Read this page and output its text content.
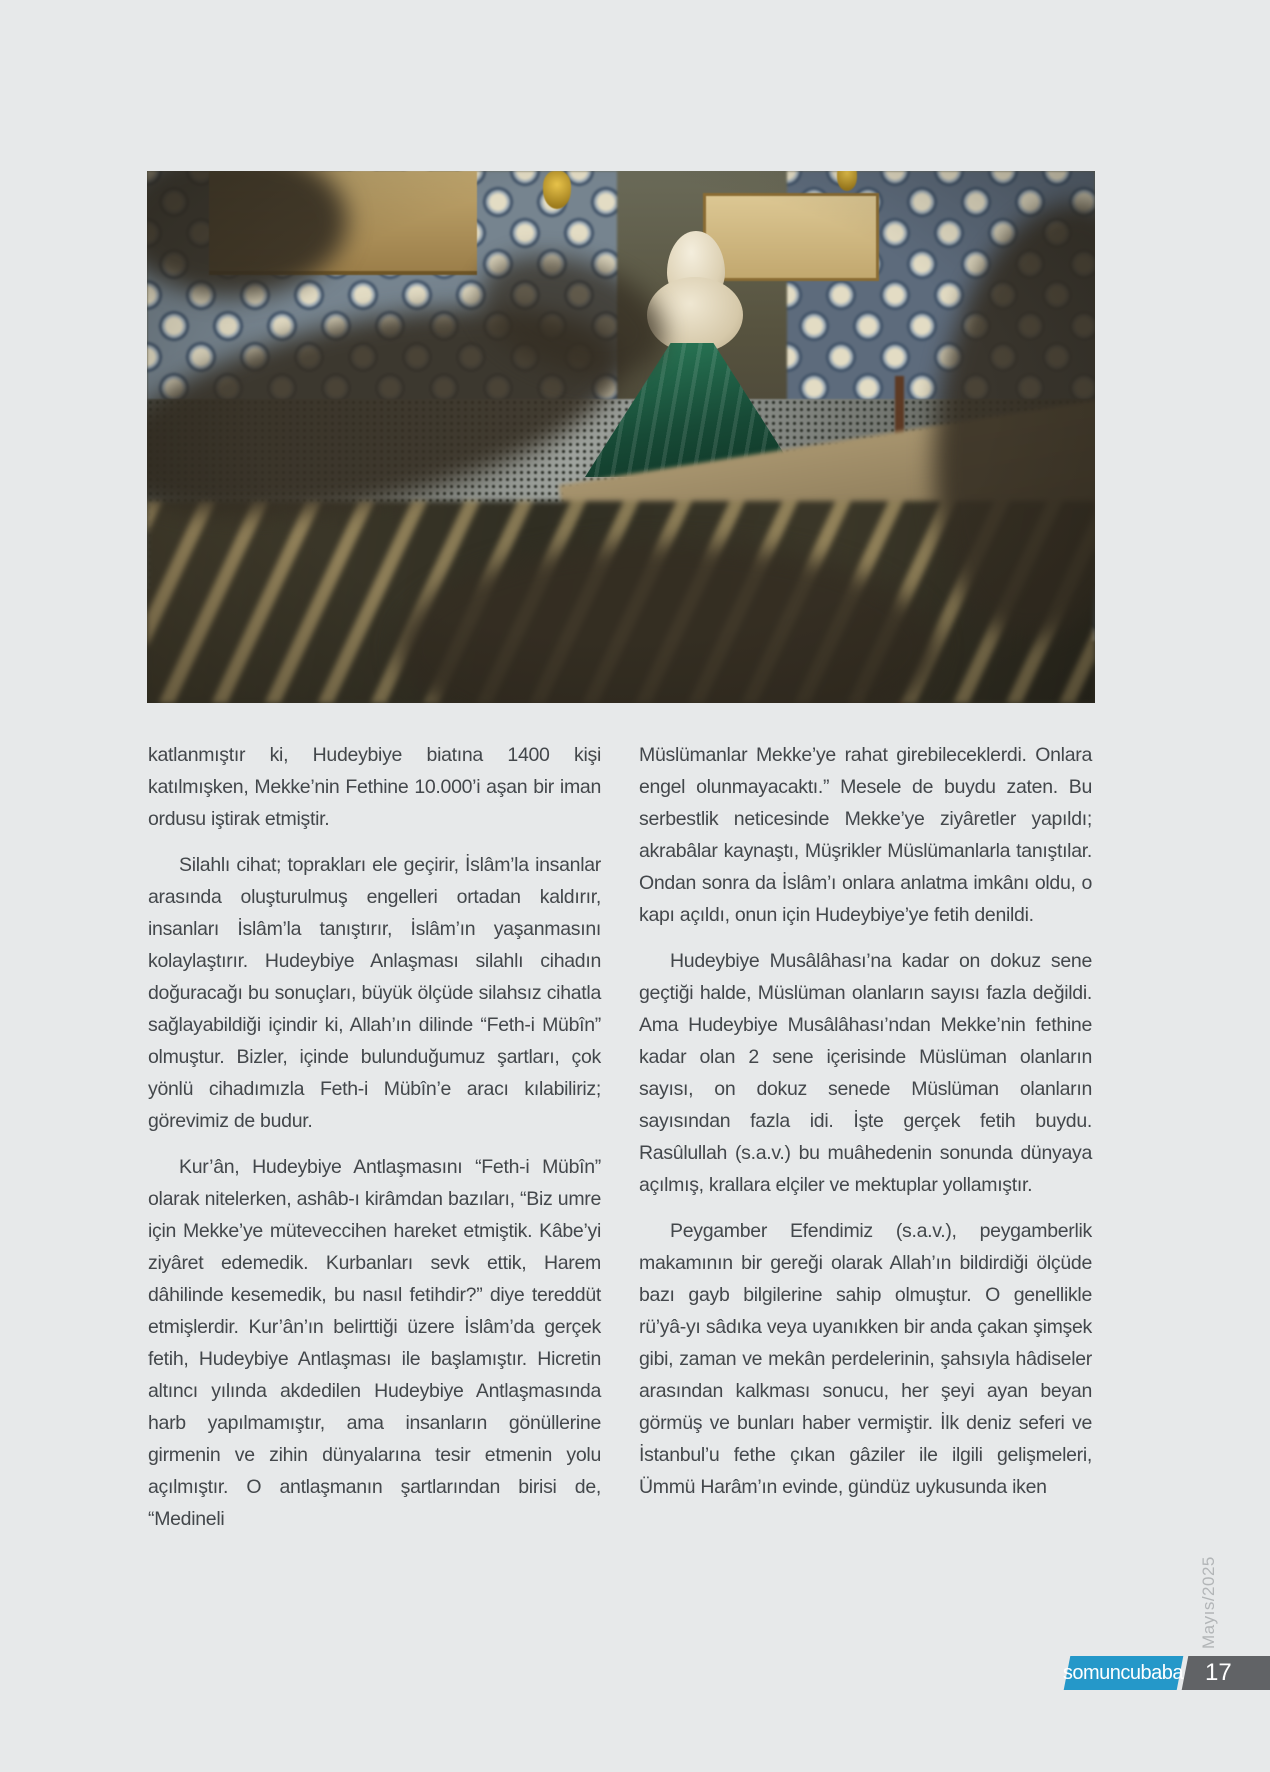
katlanmıştır ki, Hudeybiye biatına 1400 kişi katılmışken, Mekke’nin Fethine 10.000’i aşan bir iman ordusu iştirak etmiştir.

Silahlı cihat; toprakları ele geçirir, İslâm’la insanlar arasında oluşturulmuş engelleri ortadan kaldırır, insanları İslâm’la tanıştırır, İslâm’ın yaşanmasını kolaylaştırır. Hudeybiye Anlaşması silahlı cihadın doğuracağı bu sonuçları, büyük ölçüde silahsız cihatla sağlayabildiği içindir ki, Allah’ın dilinde “Feth-i Mübîn” olmuştur. Bizler, içinde bulunduğumuz şartları, çok yönlü cihadımızla Feth-i Mübîn’e aracı kılabiliriz; görevimiz de budur.

Kur’ân, Hudeybiye Antlaşmasını “Feth-i Mübîn” olarak nitelerken, ashâb-ı kirâmdan bazıları, “Biz umre için Mekke’ye müteveccihen hareket etmiştik. Kâbe’yi ziyâret edemedik. Kurbanları sevk ettik, Harem dâhilinde kesemedik, bu nasıl fetihdir?” diye tereddüt etmişlerdir. Kur’ân’ın belirttiği üzere İslâm’da gerçek fetih, Hudeybiye Antlaşması ile başlamıştır. Hicretin altıncı yılında akdedilen Hudeybiye Antlaşmasında harb yapılmamıştır, ama insanların gönüllerine girmenin ve zihin dünyalarına tesir etmenin yolu açılmıştır. O antlaşmanın şartlarından birisi de, “Medineli

Müslümanlar Mekke’ye rahat girebileceklerdi. Onlara engel olunmayacaktı.” Mesele de buydu zaten. Bu serbestlik neticesinde Mekke’ye ziyâretler yapıldı; akrabâlar kaynaştı, Müşrikler Müslümanlarla tanıştılar. Ondan sonra da İslâm’ı onlara anlatma imkânı oldu, o kapı açıldı, onun için Hudeybiye’ye fetih denildi.

Hudeybiye Musâlâhası’na kadar on dokuz sene geçtiği halde, Müslüman olanların sayısı fazla değildi. Ama Hudeybiye Musâlâhası’ndan Mekke’nin fethine kadar olan 2 sene içerisinde Müslüman olanların sayısı, on dokuz senede Müslüman olanların sayısından fazla idi. İşte gerçek fetih buydu. Rasûlullah (s.a.v.) bu muâhedenin sonunda dünyaya açılmış, krallara elçiler ve mektuplar yollamıştır.

Peygamber Efendimiz (s.a.v.), peygamberlik makamının bir gereği olarak Allah’ın bildirdiği ölçüde bazı gayb bilgilerine sahip olmuştur. O genellikle rü’yâ-yı sâdıka veya uyanıkken bir anda çakan şimşek gibi, zaman ve mekân perdelerinin, şahsıyla hâdiseler arasından kalkması sonucu, her şeyi ayan beyan görmüş ve bunları haber vermiştir. İlk deniz seferi ve İstanbul’u fethe çıkan gâziler ile ilgili gelişmeleri, Ümmü Harâm’ın evinde, gündüz uykusunda iken

Mayıs/2025
somuncubaba 17
